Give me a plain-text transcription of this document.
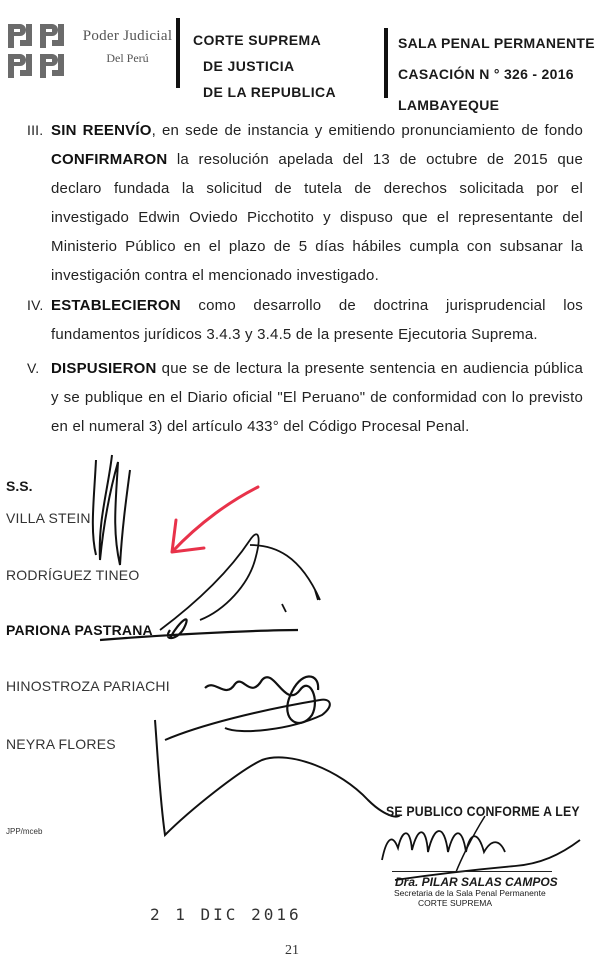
Poder Judicial
Del Perú
CORTE SUPREMA
DE JUSTICIA
DE LA REPUBLICA
SALA PENAL PERMANENTE
CASACIÓN N ° 326 - 2016
LAMBAYEQUE
III. SIN REENVÍO, en sede de instancia y emitiendo pronunciamiento de fondo CONFIRMARON la resolución apelada del 13 de octubre de 2015 que declaro fundada la solicitud de tutela de derechos solicitada por el investigado Edwin Oviedo Picchotito y dispuso que el representante del Ministerio Público en el plazo de 5 días hábiles cumpla con subsanar la investigación contra el mencionado investigado.
IV. ESTABLECIERON como desarrollo de doctrina jurisprudencial los fundamentos jurídicos 3.4.3 y 3.4.5 de la presente Ejecutoria Suprema.
V. DISPUSIERON que se de lectura la presente sentencia en audiencia pública y se publique en el Diario oficial "El Peruano" de conformidad con lo previsto en el numeral 3) del artículo 433° del Código Procesal Penal.
S.S.
VILLA STEIN
RODRÍGUEZ TINEO
PARIONA PASTRANA
HINOSTROZA PARIACHI
NEYRA FLORES
JPP/mceb
SE PUBLICO CONFORME A LEY
Dra. PILAR SALAS CAMPOS
Secretaria de la Sala Penal Permanente
CORTE SUPREMA
2 1 DIC 2016
21
